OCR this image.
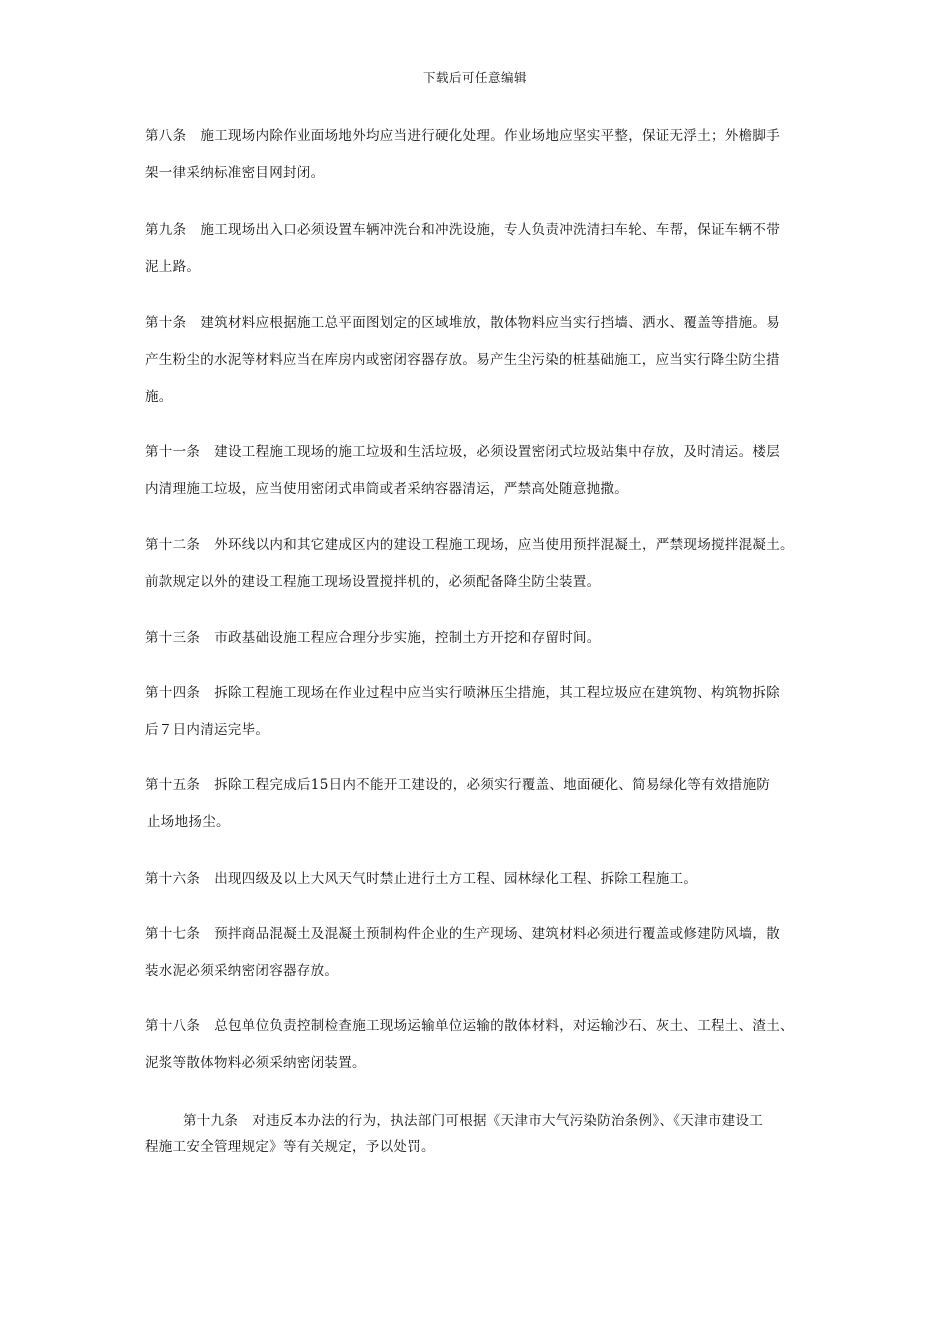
下载后可任意编辑
第八条 施工现场内除作业面场地外均应当进行硬化处理。作业场地应坚实平整，保证无浮土；外檐脚手
架一律采纳标准密目网封闭。
第九条 施工现场出入口必须设置车辆冲洗台和冲洗设施，专人负责冲洗清扫车轮、车帮，保证车辆不带
泥上路。
第十条 建筑材料应根据施工总平面图划定的区域堆放，散体物料应当实行挡墙、洒水、覆盖等措施。易
产生粉尘的水泥等材料应当在库房内或密闭容器存放。易产生尘污染的桩基础施工，应当实行降尘防尘措
施。
第十一条 建设工程施工现场的施工垃圾和生活垃圾，必须设置密闭式垃圾站集中存放，及时清运。楼层
内清理施工垃圾，应当使用密闭式串筒或者采纳容器清运，严禁高处随意抛撒。
第十二条 外环线以内和其它建成区内的建设工程施工现场，应当使用预拌混凝土，严禁现场搅拌混凝土。
前款规定以外的建设工程施工现场设置搅拌机的，必须配备降尘防尘装置。
第十三条 市政基础设施工程应合理分步实施，控制土方开挖和存留时间。
第十四条 拆除工程施工现场在作业过程中应当实行喷淋压尘措施，其工程垃圾应在建筑物、构筑物拆除
后７日内清运完毕。
第十五条 拆除工程完成后15日内不能开工建设的，必须实行覆盖、地面硬化、简易绿化等有效措施防
止场地扬尘。
第十六条 出现四级及以上大风天气时禁止进行土方工程、园林绿化工程、拆除工程施工。
第十七条 预拌商品混凝土及混凝土预制构件企业的生产现场、建筑材料必须进行覆盖或修建防风墙，散
装水泥必须采纳密闭容器存放。
第十八条 总包单位负责控制检查施工现场运输单位运输的散体材料，对运输沙石、灰土、工程土、渣土、
泥浆等散体物料必须采纳密闭装置。
第十九条 对违反本办法的行为，执法部门可根据《天津市大气污染防治条例》、《天津市建设工
程施工安全管理规定》等有关规定，予以处罚。
